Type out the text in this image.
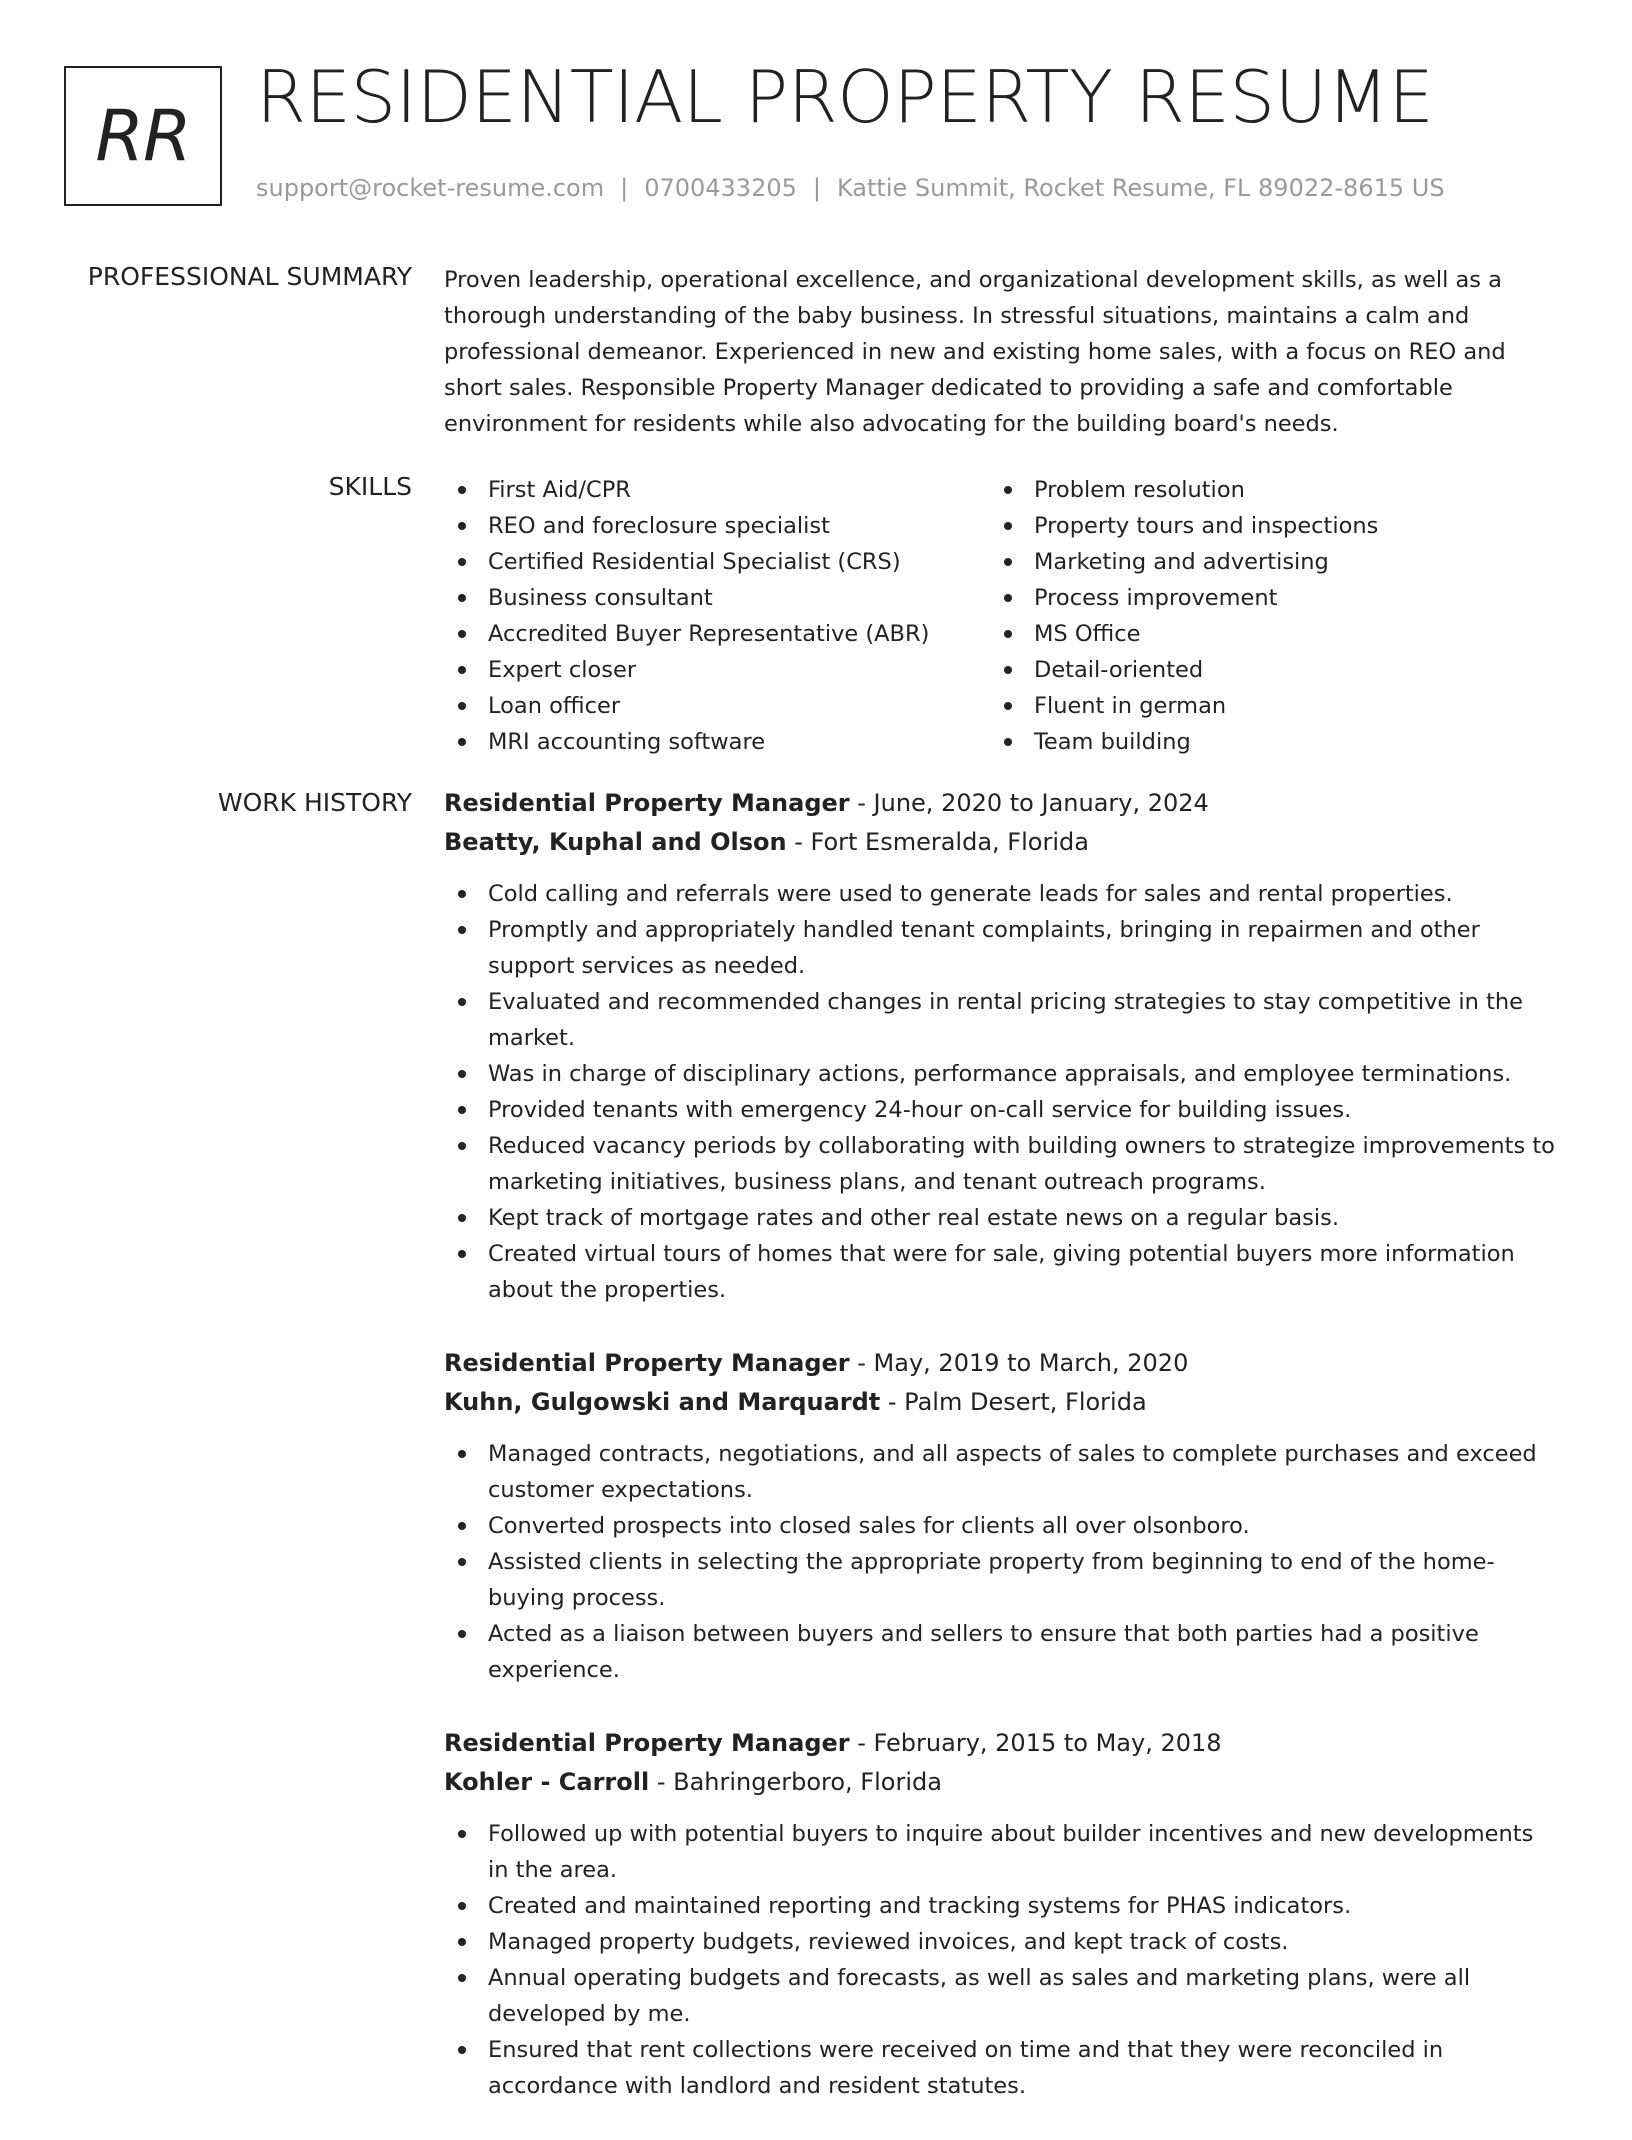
RR RESIDENTIAL PROPERTY RESUME
support@rocket-resume.com | 0700433205 | Kattie Summit, Rocket Resume, FL 89022-8615 US
PROFESSIONAL SUMMARY Proven leadership, operational excellence, and organizational development skills, as well as a thorough understanding of the baby business. In stressful situations, maintains a calm and professional demeanor. Experienced in new and existing home sales, with a focus on REO and short sales. Responsible Property Manager dedicated to providing a safe and comfortable environment for residents while also advocating for the building board's needs.

SKILLS	First Aid/CPR
REO and foreclosure specialist
Certified Residential Specialist (CRS)
Business consultant
Accredited Buyer Representative (ABR)
Expert closer
Loan officer
MRI accounting software
Problem resolution
Property tours and inspections
Marketing and advertising
Process improvement
MS Office
Detail-oriented
Fluent in german
Team building
WORK HISTORY Residential Property Manager - June, 2020 to January, 2024
Beatty, Kuphal and Olson - Fort Esmeralda, Florida
Cold calling and referrals were used to generate leads for sales and rental properties.
Promptly and appropriately handled tenant complaints, bringing in repairmen and other support services as needed.
Evaluated and recommended changes in rental pricing strategies to stay competitive in the market.
Was in charge of disciplinary actions, performance appraisals, and employee terminations.
Provided tenants with emergency 24-hour on-call service for building issues.
Reduced vacancy periods by collaborating with building owners to strategize improvements to marketing initiatives, business plans, and tenant outreach programs.
Kept track of mortgage rates and other real estate news on a regular basis.
Created virtual tours of homes that were for sale, giving potential buyers more information about the properties.
Residential Property Manager - May, 2019 to March, 2020
Kuhn, Gulgowski and Marquardt - Palm Desert, Florida
Managed contracts, negotiations, and all aspects of sales to complete purchases and exceed customer expectations.
Converted prospects into closed sales for clients all over olsonboro.
Assisted clients in selecting the appropriate property from beginning to end of the home-buying process.
Acted as a liaison between buyers and sellers to ensure that both parties had a positive experience.
Residential Property Manager - February, 2015 to May, 2018
Kohler - Carroll - Bahringerboro, Florida
Followed up with potential buyers to inquire about builder incentives and new developments in the area.
Created and maintained reporting and tracking systems for PHAS indicators.
Managed property budgets, reviewed invoices, and kept track of costs.
Annual operating budgets and forecasts, as well as sales and marketing plans, were all developed by me.
Ensured that rent collections were received on time and that they were reconciled in accordance with landlord and resident statutes.
